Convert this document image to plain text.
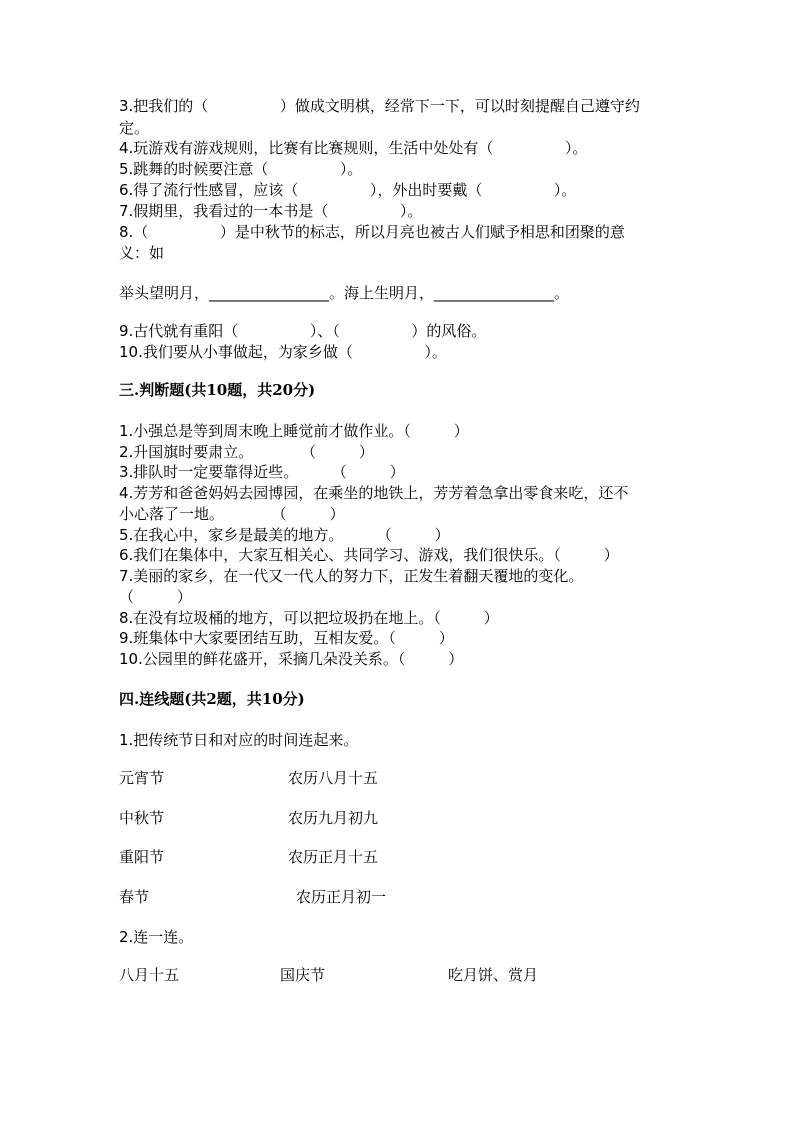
3.把我们的（               ）做成文明棋，经常下一下，可以时刻提醒自己遵守约
定。
4.玩游戏有游戏规则，比赛有比赛规则，生活中处处有（               ）。
5.跳舞的时候要注意（               ）。
6.得了流行性感冒，应该（               ），外出时要戴（               ）。
7.假期里，我看过的一本书是（               ）。
8.（               ）是中秋节的标志，所以月亮也被古人们赋予相思和团聚的意
义：如
举头望明月，________________。海上生明月，________________。
9.古代就有重阳（               ）、（               ）的风俗。
10.我们要从小事做起，为家乡做（               ）。
三.判断题(共10题，共20分)
1.小强总是等到周末晚上睡觉前才做作业。（         ）
2.升国旗时要肃立。          （         ）
3.排队时一定要靠得近些。       （         ）
4.芳芳和爸爸妈妈去园博园，在乘坐的地铁上，芳芳着急拿出零食来吃，还不
小心落了一地。          （         ）
5.在我心中，家乡是最美的地方。       （         ）
6.我们在集体中，大家互相关心、共同学习、游戏，我们很快乐。（         ）
7.美丽的家乡，在一代又一代人的努力下，正发生着翻天覆地的变化。
（         ）
8.在没有垃圾桶的地方，可以把垃圾扔在地上。（         ）
9.班集体中大家要团结互助，互相友爱。（         ）
10.公园里的鲜花盛开，采摘几朵没关系。（         ）
四.连线题(共2题，共10分)
1.把传统节日和对应的时间连起来。
元宵节	农历八月十五
中秋节	农历九月初九
重阳节	农历正月十五
春节	农历正月初一
2.连一连。
八月十五	国庆节	吃月饼、赏月
